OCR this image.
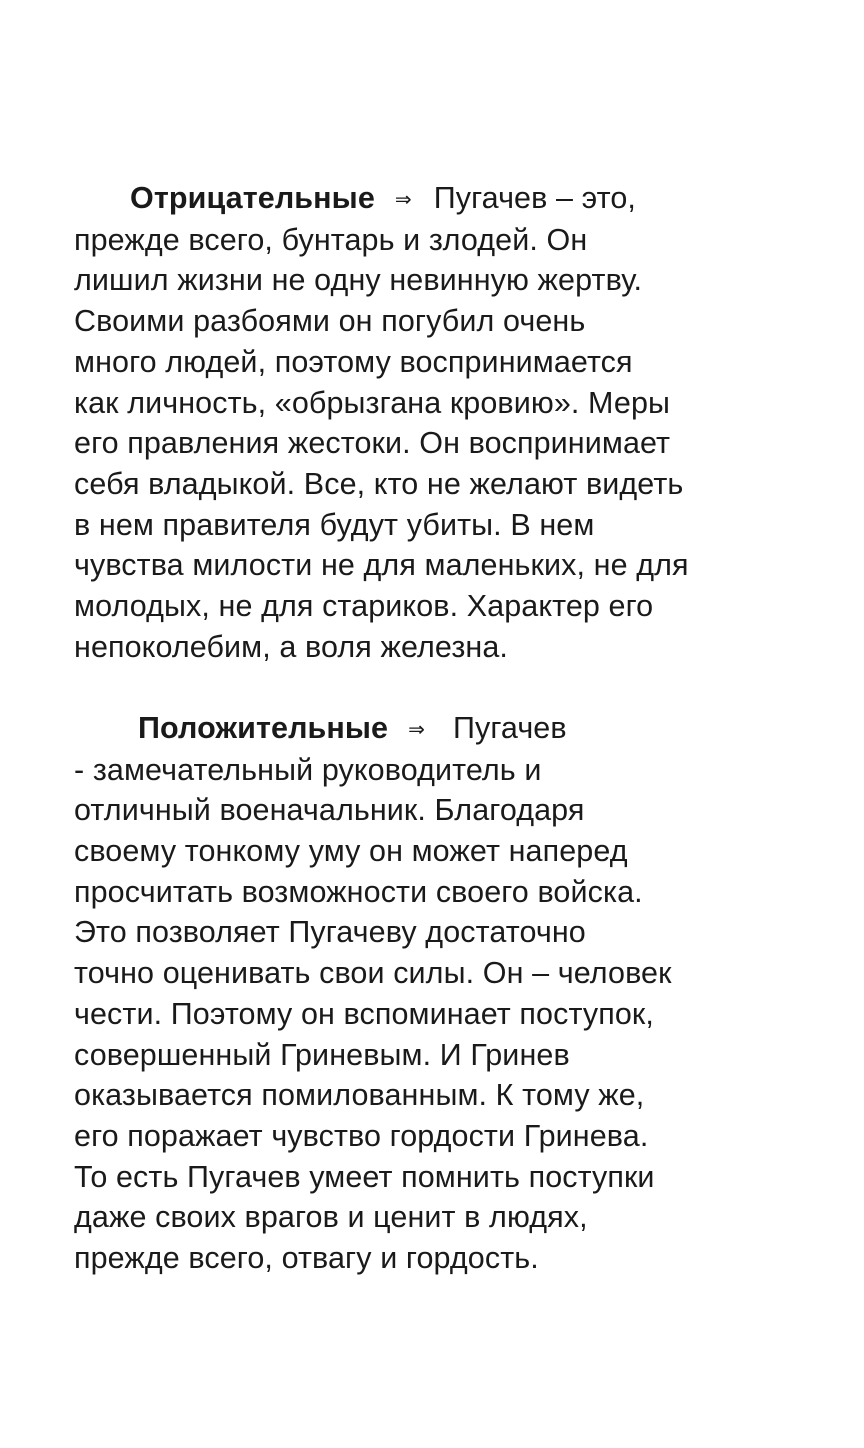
Отрицательные ⇒ Пугачев – это,
прежде всего, бунтарь и злодей. Он
лишил жизни не одну невинную жертву.
Своими разбоями он погубил очень
много людей, поэтому воспринимается
как личность, «обрызгана кровию». Меры
его правления жестоки. Он воспринимает
себя владыкой. Все, кто не желают видеть
в нем правителя будут убиты. В нем
чувства милости не для маленьких, не для
молодых, не для стариков. Характер его
непоколебим, а воля железна.

Положительные ⇒ Пугачев
- замечательный руководитель и
отличный военачальник. Благодаря
своему тонкому уму он может наперед
просчитать возможности своего войска.
Это позволяет Пугачеву достаточно
точно оценивать свои силы. Он – человек
чести. Поэтому он вспоминает поступок,
совершенный Гриневым. И Гринев
оказывается помилованным. К тому же,
его поражает чувство гордости Гринева.
То есть Пугачев умеет помнить поступки
даже своих врагов и ценит в людях,
прежде всего, отвагу и гордость.
